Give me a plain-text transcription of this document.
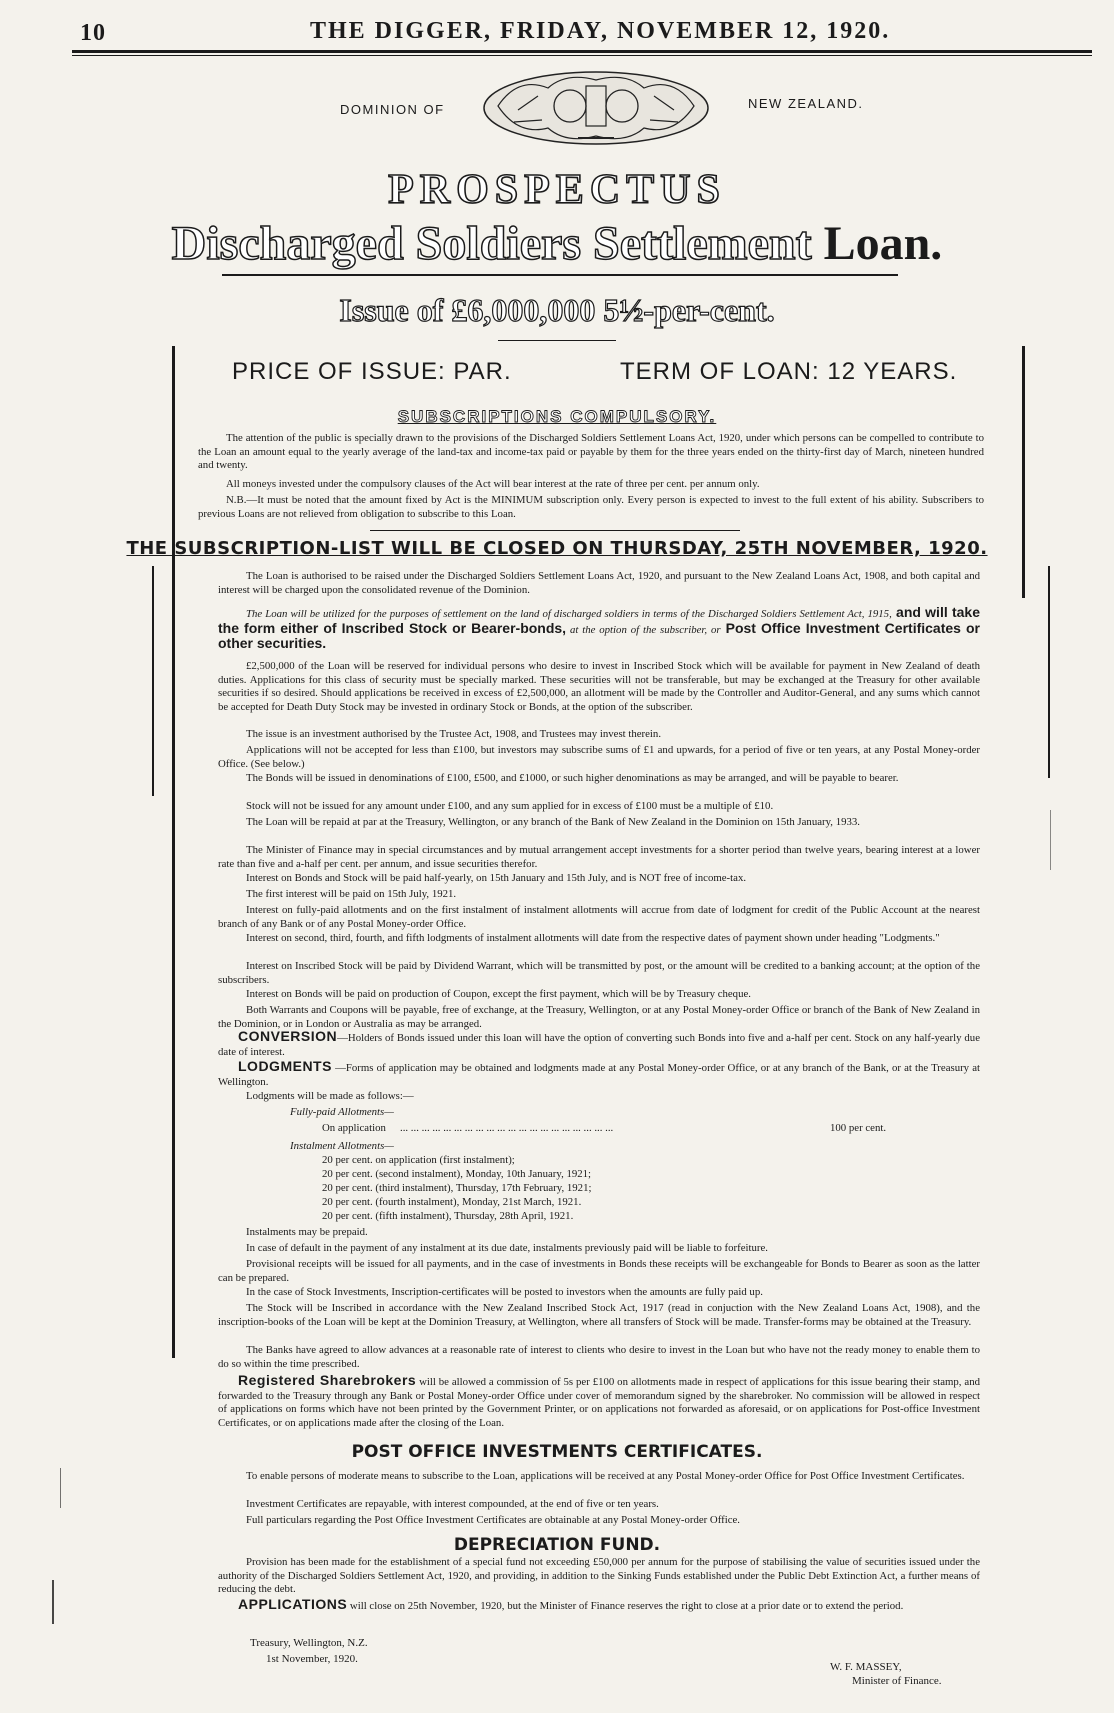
10	THE DIGGER, FRIDAY, NOVEMBER 12, 1920.
DOMINION OF	NEW ZEALAND.
PROSPECTUS
Discharged Soldiers Settlement Loan.
Issue of £6,000,000 5½-per-cent.
PRICE OF ISSUE: PAR.	TERM OF LOAN: 12 YEARS.
SUBSCRIPTIONS COMPULSORY.
The attention of the public is specially drawn to the provisions of the Discharged Soldiers Settlement Loans Act, 1920, under which persons can be compelled to contribute to the Loan an amount equal to the yearly average of the land-tax and income-tax paid or payable by them for the three years ended on the thirty-first day of March, nineteen hundred and twenty.
All moneys invested under the compulsory clauses of the Act will bear interest at the rate of three per cent. per annum only.
N.B.—It must be noted that the amount fixed by Act is the MINIMUM subscription only. Every person is expected to invest to the full extent of his ability. Subscribers to previous Loans are not relieved from obligation to subscribe to this Loan.
THE SUBSCRIPTION-LIST WILL BE CLOSED ON THURSDAY, 25TH NOVEMBER, 1920.
The Loan is authorised to be raised under the Discharged Soldiers Settlement Loans Act, 1920, and pursuant to the New Zealand Loans Act, 1908, and both capital and interest will be charged upon the consolidated revenue of the Dominion.
The Loan will be utilized for the purposes of settlement on the land of discharged soldiers in terms of the Discharged Soldiers Settlement Act, 1915, and will take the form either of Inscribed Stock or Bearer-bonds, at the option of the subscriber, or Post Office Investment Certificates or other securities.
£2,500,000 of the Loan will be reserved for individual persons who desire to invest in Inscribed Stock which will be available for payment in New Zealand of death duties. Applications for this class of security must be specially marked. These securities will not be transferable, but may be exchanged at the Treasury for other available securities if so desired. Should applications be received in excess of £2,500,000, an allotment will be made by the Controller and Auditor-General, and any sums which cannot be accepted for Death Duty Stock may be invested in ordinary Stock or Bonds, at the option of the subscriber.
The issue is an investment authorised by the Trustee Act, 1908, and Trustees may invest therein.
Applications will not be accepted for less than £100, but investors may subscribe sums of £1 and upwards, for a period of five or ten years, at any Postal Money-order Office. (See below.)
The Bonds will be issued in denominations of £100, £500, and £1000, or such higher denominations as may be arranged, and will be payable to bearer.
Stock will not be issued for any amount under £100, and any sum applied for in excess of £100 must be a multiple of £10.
The Loan will be repaid at par at the Treasury, Wellington, or any branch of the Bank of New Zealand in the Dominion on 15th January, 1933.
The Minister of Finance may in special circumstances and by mutual arrangement accept investments for a shorter period than twelve years, bearing interest at a lower rate than five and a-half per cent. per annum, and issue securities therefor.
Interest on Bonds and Stock will be paid half-yearly, on 15th January and 15th July, and is NOT free of income-tax.
The first interest will be paid on 15th July, 1921.
Interest on fully-paid allotments and on the first instalment of instalment allotments will accrue from date of lodgment for credit of the Public Account at the nearest branch of any Bank or of any Postal Money-order Office.
Interest on second, third, fourth, and fifth lodgments of instalment allotments will date from the respective dates of payment shown under heading "Lodgments."
Interest on Inscribed Stock will be paid by Dividend Warrant, which will be transmitted by post, or the amount will be credited to a banking account; at the option of the subscribers.
Interest on Bonds will be paid on production of Coupon, except the first payment, which will be by Treasury cheque.
Both Warrants and Coupons will be payable, free of exchange, at the Treasury, Wellington, or at any Postal Money-order Office or branch of the Bank of New Zealand in the Dominion, or in London or Australia as may be arranged.
CONVERSION—Holders of Bonds issued under this loan will have the option of converting such Bonds into five and a-half per cent. Stock on any half-yearly due date of interest.
LODGMENTS —Forms of application may be obtained and lodgments made at any Postal Money-order Office, or at any branch of the Bank, or at the Treasury at Wellington.
Lodgments will be made as follows:—
Fully-paid Allotments—
On application ... ... ... ... ... ... ... ... ... ... ... ... ... ... ... ... ... ... ... ...	100 per cent.
Instalment Allotments—
20 per cent. on application (first instalment);
20 per cent. (second instalment), Monday, 10th January, 1921;
20 per cent. (third instalment), Thursday, 17th February, 1921;
20 per cent. (fourth instalment), Monday, 21st March, 1921.
20 per cent. (fifth instalment), Thursday, 28th April, 1921.
Instalments may be prepaid.
In case of default in the payment of any instalment at its due date, instalments previously paid will be liable to forfeiture.
Provisional receipts will be issued for all payments, and in the case of investments in Bonds these receipts will be exchangeable for Bonds to Bearer as soon as the latter can be prepared.
In the case of Stock Investments, Inscription-certificates will be posted to investors when the amounts are fully paid up.
The Stock will be Inscribed in accordance with the New Zealand Inscribed Stock Act, 1917 (read in conjuction with the New Zealand Loans Act, 1908), and the inscription-books of the Loan will be kept at the Dominion Treasury, at Wellington, where all transfers of Stock will be made. Transfer-forms may be obtained at the Treasury.
The Banks have agreed to allow advances at a reasonable rate of interest to clients who desire to invest in the Loan but who have not the ready money to enable them to do so within the time prescribed.
Registered Sharebrokers will be allowed a commission of 5s per £100 on allotments made in respect of applications for this issue bearing their stamp, and forwarded to the Treasury through any Bank or Postal Money-order Office under cover of memorandum signed by the sharebroker. No commission will be allowed in respect of applications on forms which have not been printed by the Government Printer, or on applications not forwarded as aforesaid, or on applications for Post-office Investment Certificates, or on applications made after the closing of the Loan.
POST OFFICE INVESTMENTS CERTIFICATES.
To enable persons of moderate means to subscribe to the Loan, applications will be received at any Postal Money-order Office for Post Office Investment Certificates.
Investment Certificates are repayable, with interest compounded, at the end of five or ten years.
Full particulars regarding the Post Office Investment Certificates are obtainable at any Postal Money-order Office.
DEPRECIATION FUND.
Provision has been made for the establishment of a special fund not exceeding £50,000 per annum for the purpose of stabilising the value of securities issued under the authority of the Discharged Soldiers Settlement Act, 1920, and providing, in addition to the Sinking Funds established under the Public Debt Extinction Act, a further means of reducing the debt.
APPLICATIONS will close on 25th November, 1920, but the Minister of Finance reserves the right to close at a prior date or to extend the period.
Treasury, Wellington, N.Z.
1st November, 1920.
W. F. MASSEY,
Minister of Finance.
